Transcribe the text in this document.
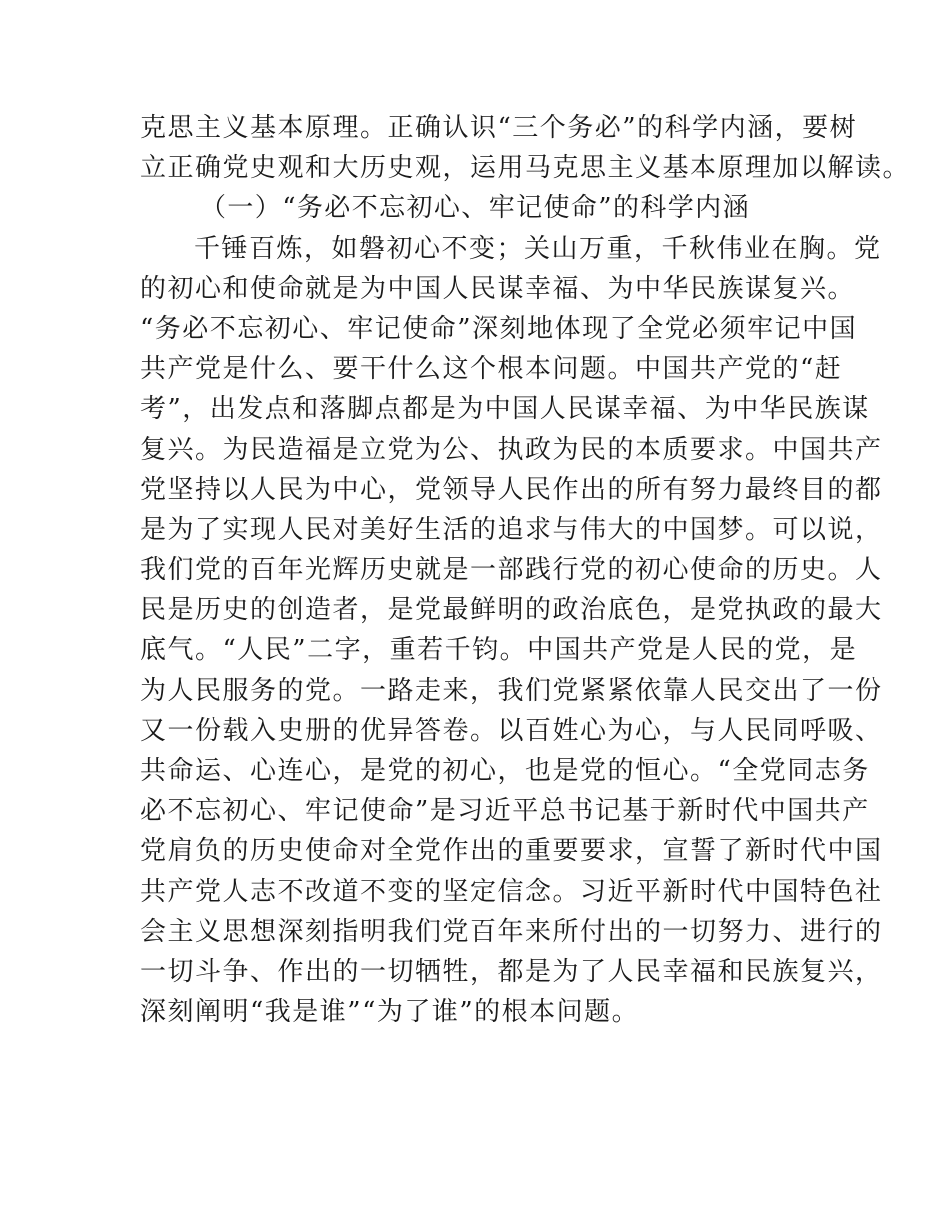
克思主义基本原理。正确认识“三个务必”的科学内涵，要树
立正确党史观和大历史观，运用马克思主义基本原理加以解读。
（一）“务必不忘初心、牢记使命”的科学内涵
千锤百炼，如磐初心不变；关山万重，千秋伟业在胸。党
的初心和使命就是为中国人民谋幸福、为中华民族谋复兴。
“务必不忘初心、牢记使命”深刻地体现了全党必须牢记中国
共产党是什么、要干什么这个根本问题。中国共产党的“赶
考”，出发点和落脚点都是为中国人民谋幸福、为中华民族谋
复兴。为民造福是立党为公、执政为民的本质要求。中国共产
党坚持以人民为中心，党领导人民作出的所有努力最终目的都
是为了实现人民对美好生活的追求与伟大的中国梦。可以说，
我们党的百年光辉历史就是一部践行党的初心使命的历史。人
民是历史的创造者，是党最鲜明的政治底色，是党执政的最大
底气。“人民”二字，重若千钧。中国共产党是人民的党，是
为人民服务的党。一路走来，我们党紧紧依靠人民交出了一份
又一份载入史册的优异答卷。以百姓心为心，与人民同呼吸、
共命运、心连心，是党的初心，也是党的恒心。“全党同志务
必不忘初心、牢记使命”是习近平总书记基于新时代中国共产
党肩负的历史使命对全党作出的重要要求，宣誓了新时代中国
共产党人志不改道不变的坚定信念。习近平新时代中国特色社
会主义思想深刻指明我们党百年来所付出的一切努力、进行的
一切斗争、作出的一切牺牲，都是为了人民幸福和民族复兴，
深刻阐明“我是谁”“为了谁”的根本问题。
